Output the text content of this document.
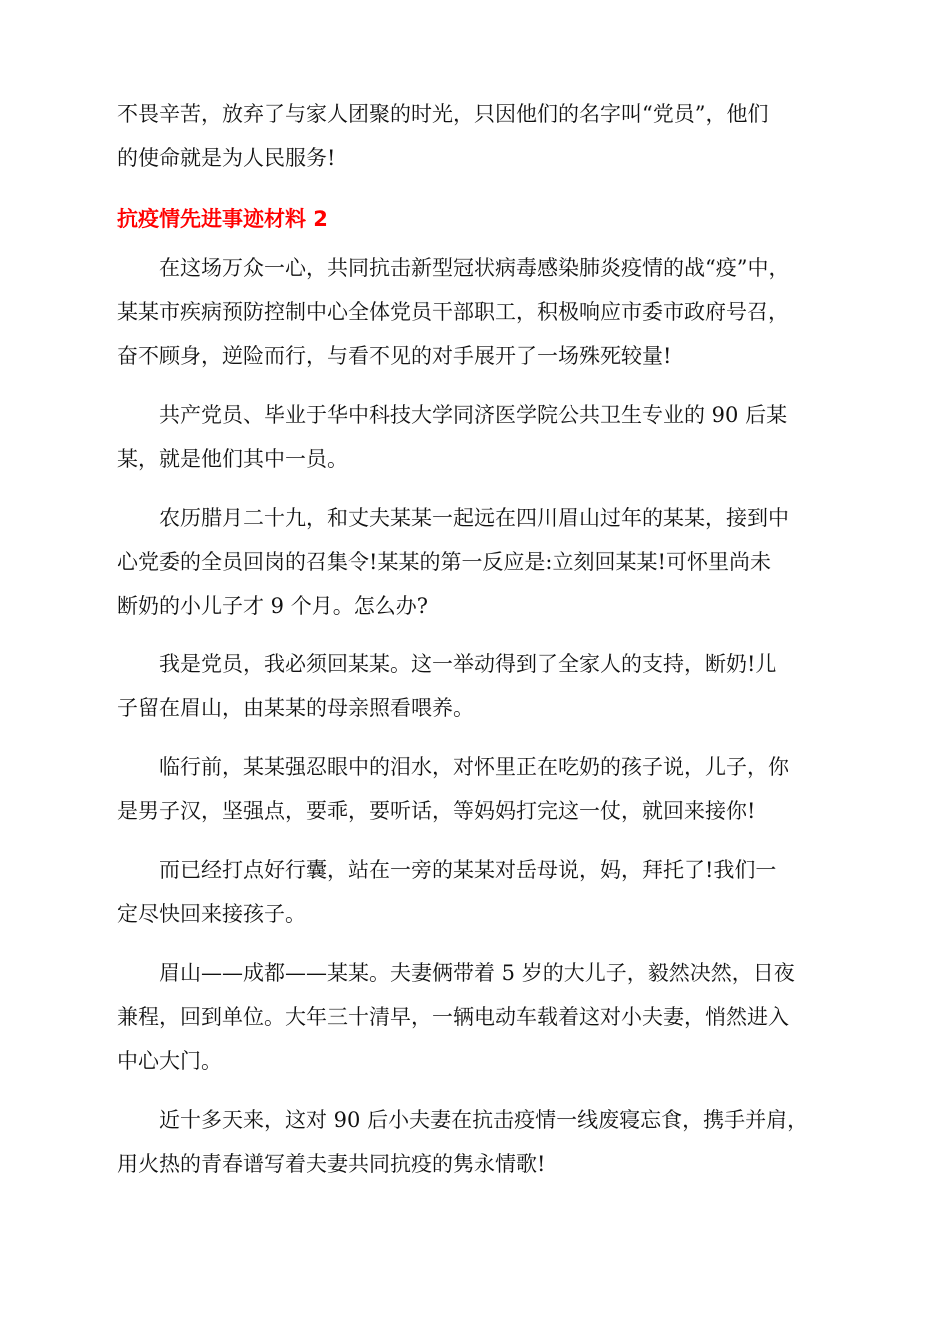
不畏辛苦，放弃了与家人团聚的时光，只因他们的名字叫“党员”，他们
的使命就是为人民服务!

抗疫情先进事迹材料 2

　　在这场万众一心，共同抗击新型冠状病毒感染肺炎疫情的战“疫”中，
某某市疾病预防控制中心全体党员干部职工，积极响应市委市政府号召，
奋不顾身，逆险而行，与看不见的对手展开了一场殊死较量!

　　共产党员、毕业于华中科技大学同济医学院公共卫生专业的 90 后某
某，就是他们其中一员。

　　农历腊月二十九，和丈夫某某一起远在四川眉山过年的某某，接到中
心党委的全员回岗的召集令!某某的第一反应是:立刻回某某!可怀里尚未
断奶的小儿子才 9 个月。怎么办?

　　我是党员，我必须回某某。这一举动得到了全家人的支持，断奶!儿
子留在眉山，由某某的母亲照看喂养。

　　临行前，某某强忍眼中的泪水，对怀里正在吃奶的孩子说，儿子，你
是男子汉，坚强点，要乖，要听话，等妈妈打完这一仗，就回来接你!

　　而已经打点好行囊，站在一旁的某某对岳母说，妈，拜托了!我们一
定尽快回来接孩子。

　　眉山——成都——某某。夫妻俩带着 5 岁的大儿子，毅然决然，日夜
兼程，回到单位。大年三十清早，一辆电动车载着这对小夫妻，悄然进入
中心大门。

　　近十多天来，这对 90 后小夫妻在抗击疫情一线废寝忘食，携手并肩，
用火热的青春谱写着夫妻共同抗疫的隽永情歌!
